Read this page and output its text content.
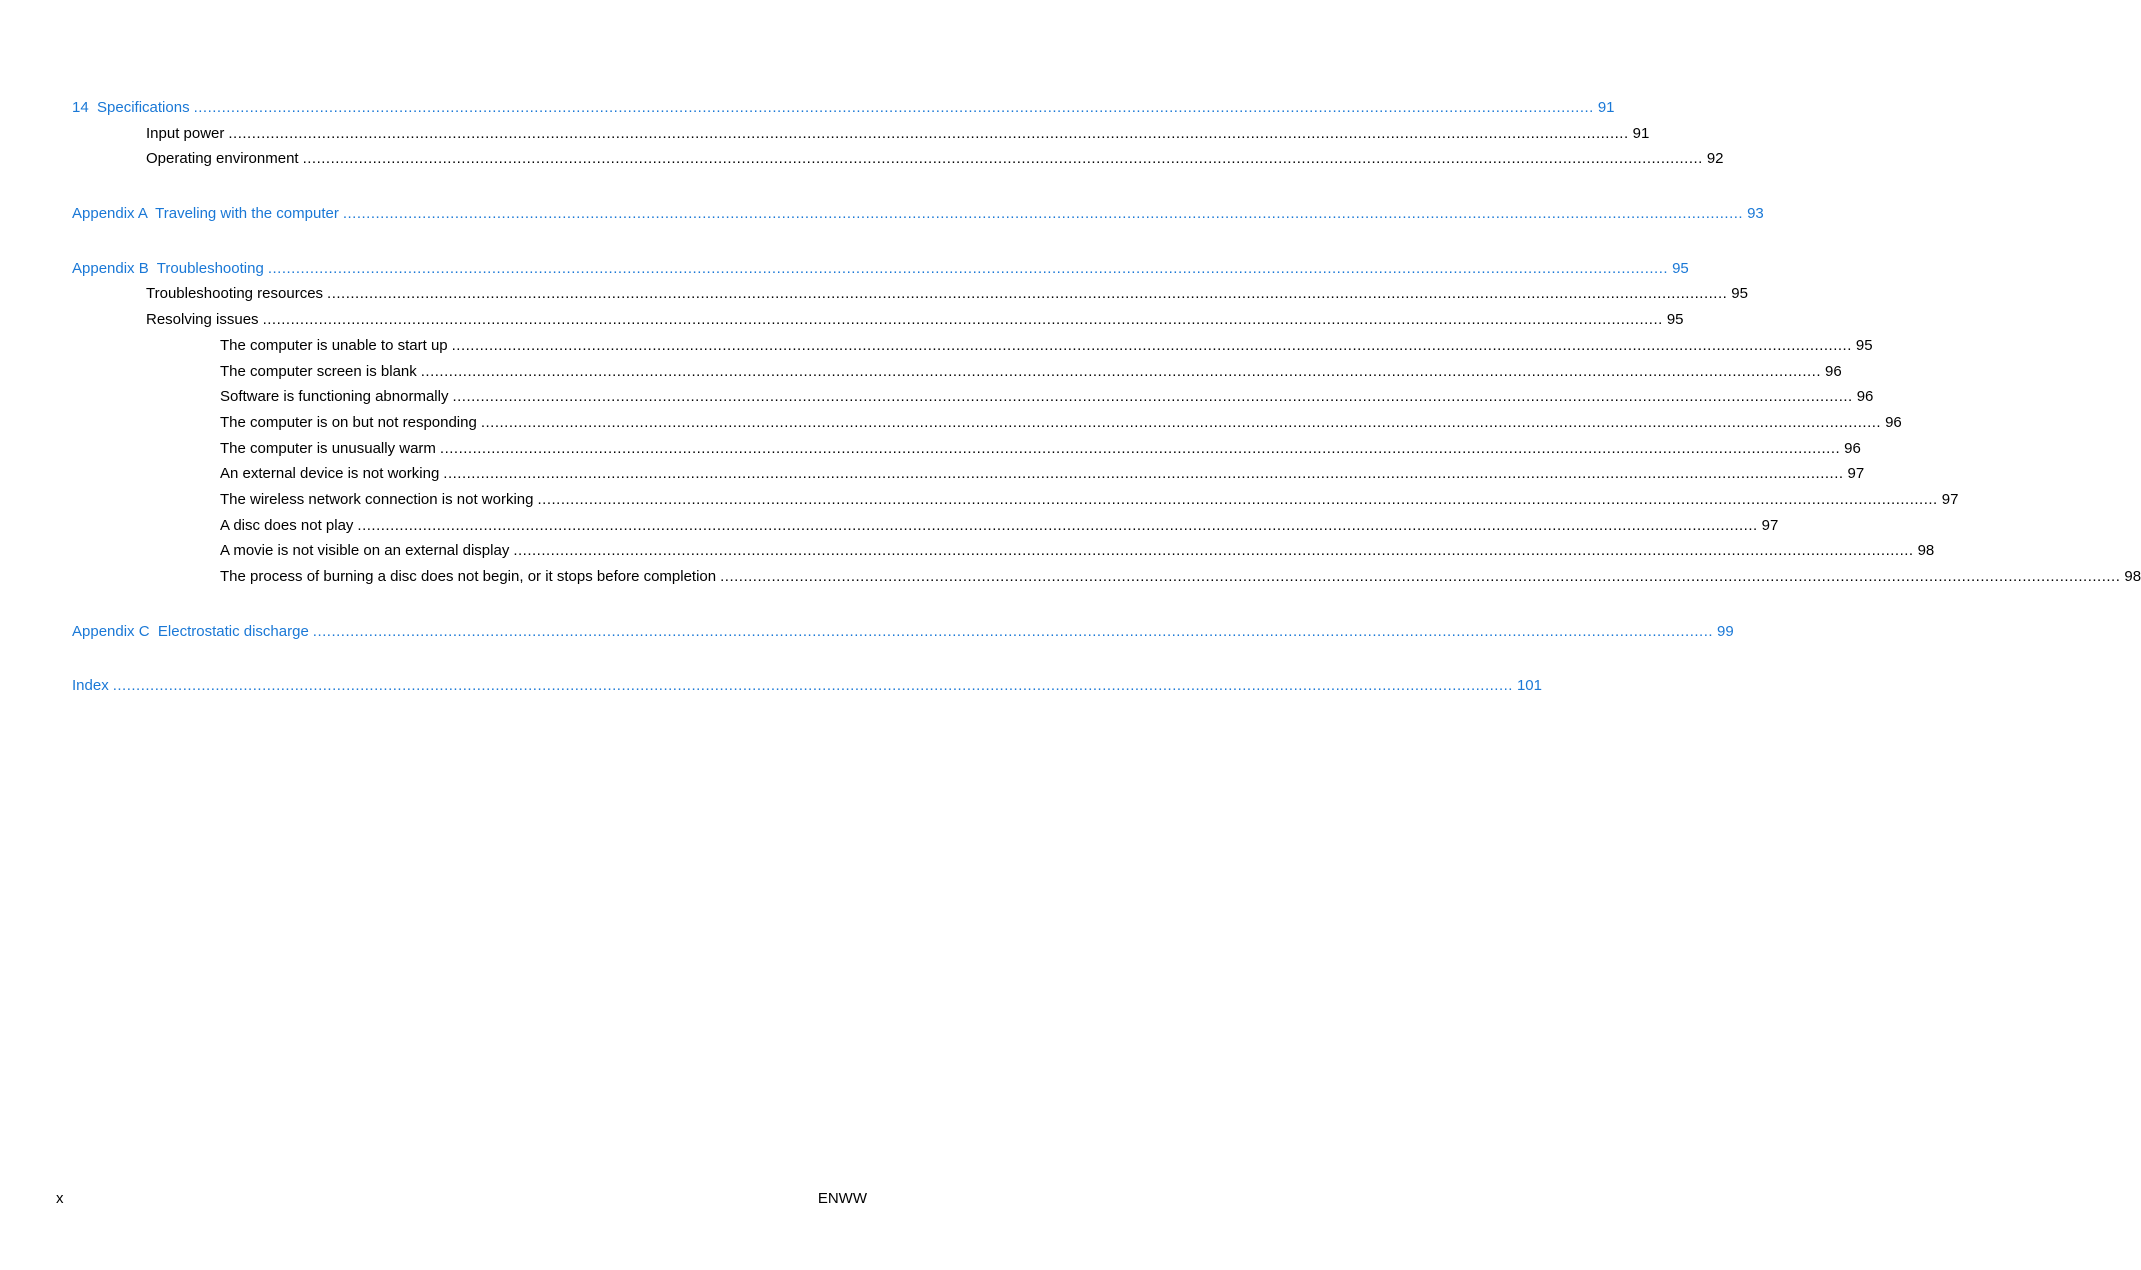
14  Specifications ............................................................................................................................................................................................................................................................................................................ 91
Input power ............................................................................................................................................................................................................................................................................................................ 91
Operating environment ............................................................................................................................................................................................................................................................................................................ 92
Appendix A  Traveling with the computer ............................................................................................................................................................................................................................................................................................................ 93
Appendix B  Troubleshooting ............................................................................................................................................................................................................................................................................................................ 95
Troubleshooting resources ............................................................................................................................................................................................................................................................................................................ 95
Resolving issues ............................................................................................................................................................................................................................................................................................................ 95
The computer is unable to start up ............................................................................................................................................................................................................................................................................................................ 95
The computer screen is blank ............................................................................................................................................................................................................................................................................................................ 96
Software is functioning abnormally ............................................................................................................................................................................................................................................................................................................ 96
The computer is on but not responding ............................................................................................................................................................................................................................................................................................................ 96
The computer is unusually warm ............................................................................................................................................................................................................................................................................................................ 96
An external device is not working ............................................................................................................................................................................................................................................................................................................ 97
The wireless network connection is not working ............................................................................................................................................................................................................................................................................................................ 97
A disc does not play ............................................................................................................................................................................................................................................................................................................ 97
A movie is not visible on an external display ............................................................................................................................................................................................................................................................................................................ 98
The process of burning a disc does not begin, or it stops before completion ............................................................................................................................................................................................................................................................................................................ 98
Appendix C  Electrostatic discharge ............................................................................................................................................................................................................................................................................................................ 99
Index ............................................................................................................................................................................................................................................................................................................ 101
x	ENWW
